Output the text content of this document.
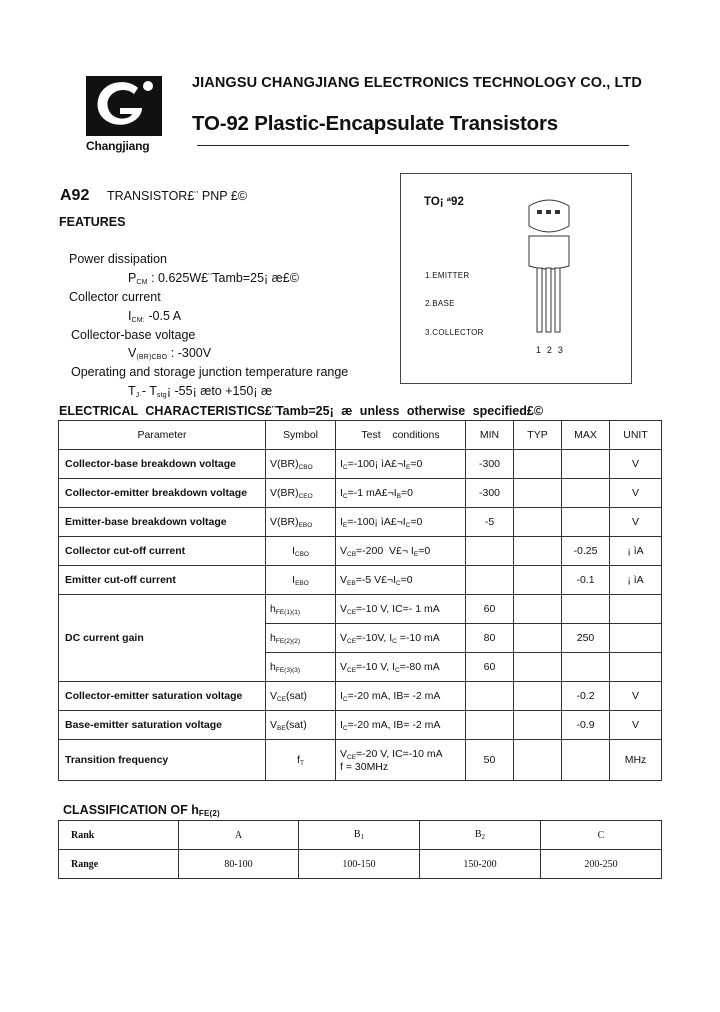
Changjiang
JIANGSU CHANGJIANG ELECTRONICS TECHNOLOGY CO., LTD
TO-92 Plastic-Encapsulate Transistors
A92 TRANSISTOR£¨ PNP £©
FEATURES
Power dissipation
$P_{CM}$ : 0.625W£¨Tamb=25¡ æ£©
Collector current
$I_{CM:}$ -0.5 A
Collector-base voltage
$V_{(BR)CBO}$ : -300V
Operating and storage junction temperature range
$T_{J\cdot}-$ $T_{stg}¡$ -55¡ æto +150¡ æ
TO¡ ª92
1.EMITTER
2.BASE
3.COLLECTOR
1  2  3
ELECTRICAL CHARACTERISTICS£¨Tamb=25¡ æ unless otherwise specified£©
Parameter	Symbol	Test    conditions	MIN	TYP	MAX	UNIT
Collector-base breakdown voltage	V(BR)CBO	IC=-100¡ ìA£¬IE=0	-300			V
Collector-emitter breakdown voltage	V(BR)CEO	IC=-1 mA£¬IB=0	-300			V
Emitter-base breakdown voltage	V(BR)EBO	IE=-100¡ ìA£¬IC=0	-5			V
Collector cut-off current	ICBO	VCB=-200  V£¬ IE=0			-0.25	¡ ìA
Emitter cut-off current	IEBO	VEB=-5 V£¬IC=0			-0.1	¡ ìA
DC current gain	hFE(1)(1)	VCE=-10 V, IC=- 1 mA	60			
	hFE(2)(2)	VCE=-10V, IC =-10 mA	80		250	
	hFE(3)(3)	VCE=-10 V, IC=-80 mA	60			
Collector-emitter saturation voltage	VCE(sat)	IC=-20 mA, IB= -2 mA			-0.2	V
Base-emitter saturation voltage	VBE(sat)	IC=-20 mA, IB= -2 mA			-0.9	V
Transition frequency	fT	VCE=-20 V, IC=-10 mA
f = 30MHz	50			MHz
CLASSIFICATION OF $h_{FE(2)}$
Rank	A	$B_1$	$B_2$	C
Range	80-100	100-150	150-200	200-250
